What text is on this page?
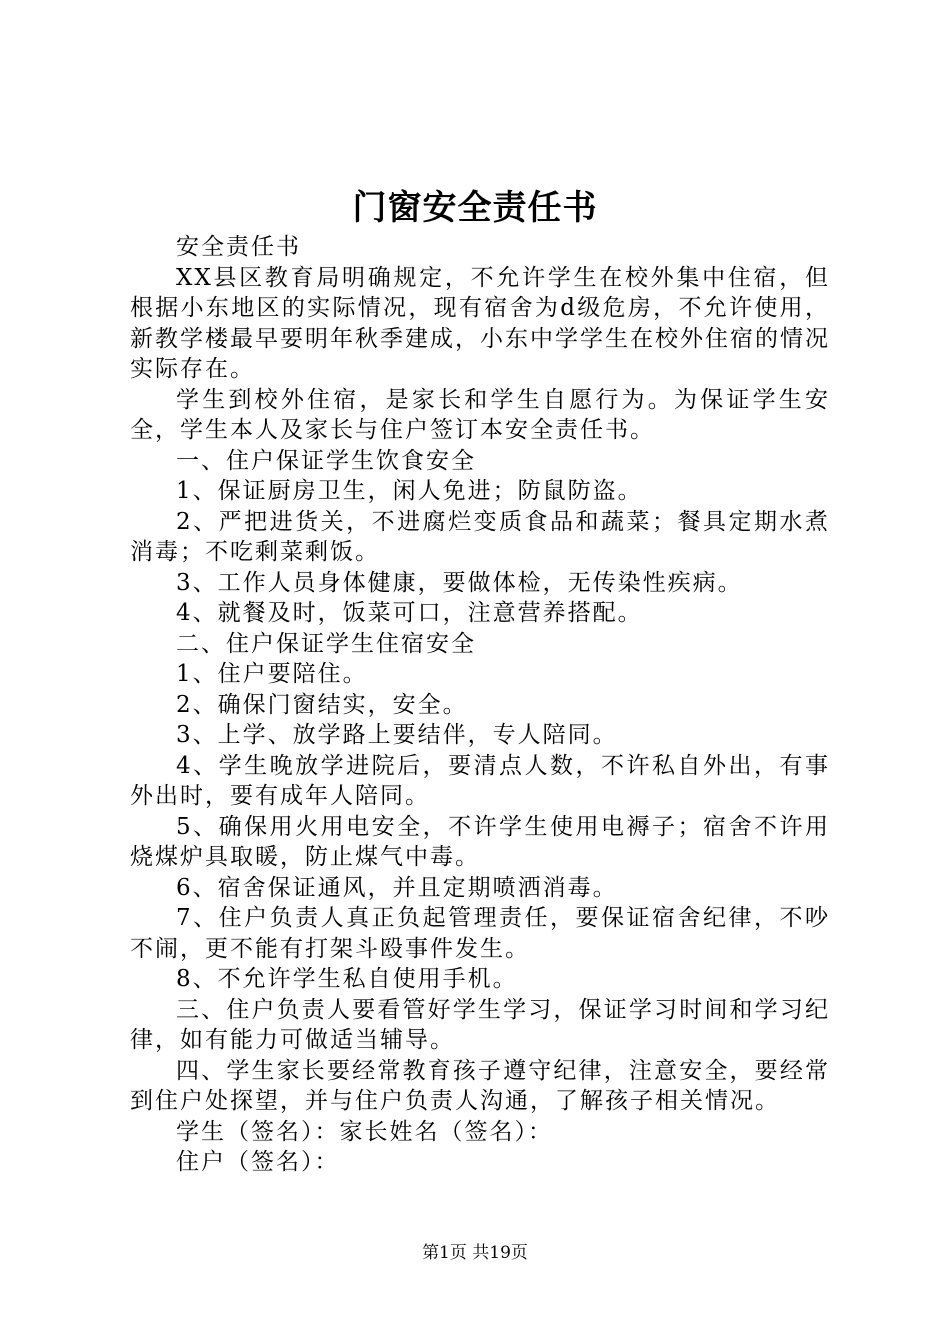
门窗安全责任书

安全责任书

XX县区教育局明确规定，不允许学生在校外集中住宿，但根据小东地区的实际情况，现有宿舍为d级危房，不允许使用，新教学楼最早要明年秋季建成，小东中学学生在校外住宿的情况实际存在。

学生到校外住宿，是家长和学生自愿行为。为保证学生安全，学生本人及家长与住户签订本安全责任书。

一、住户保证学生饮食安全

1、保证厨房卫生，闲人免进；防鼠防盗。

2、严把进货关，不进腐烂变质食品和蔬菜；餐具定期水煮消毒；不吃剩菜剩饭。

3、工作人员身体健康，要做体检，无传染性疾病。

4、就餐及时，饭菜可口，注意营养搭配。

二、住户保证学生住宿安全

1、住户要陪住。

2、确保门窗结实，安全。

3、上学、放学路上要结伴，专人陪同。

4、学生晚放学进院后，要清点人数，不许私自外出，有事外出时，要有成年人陪同。

5、确保用火用电安全，不许学生使用电褥子；宿舍不许用烧煤炉具取暖，防止煤气中毒。

6、宿舍保证通风，并且定期喷洒消毒。

7、住户负责人真正负起管理责任，要保证宿舍纪律，不吵不闹，更不能有打架斗殴事件发生。

8、不允许学生私自使用手机。

三、住户负责人要看管好学生学习，保证学习时间和学习纪律，如有能力可做适当辅导。

四、学生家长要经常教育孩子遵守纪律，注意安全，要经常到住户处探望，并与住户负责人沟通，了解孩子相关情况。

学生（签名）：家长姓名（签名）：

住户（签名）：

第1页 共19页
